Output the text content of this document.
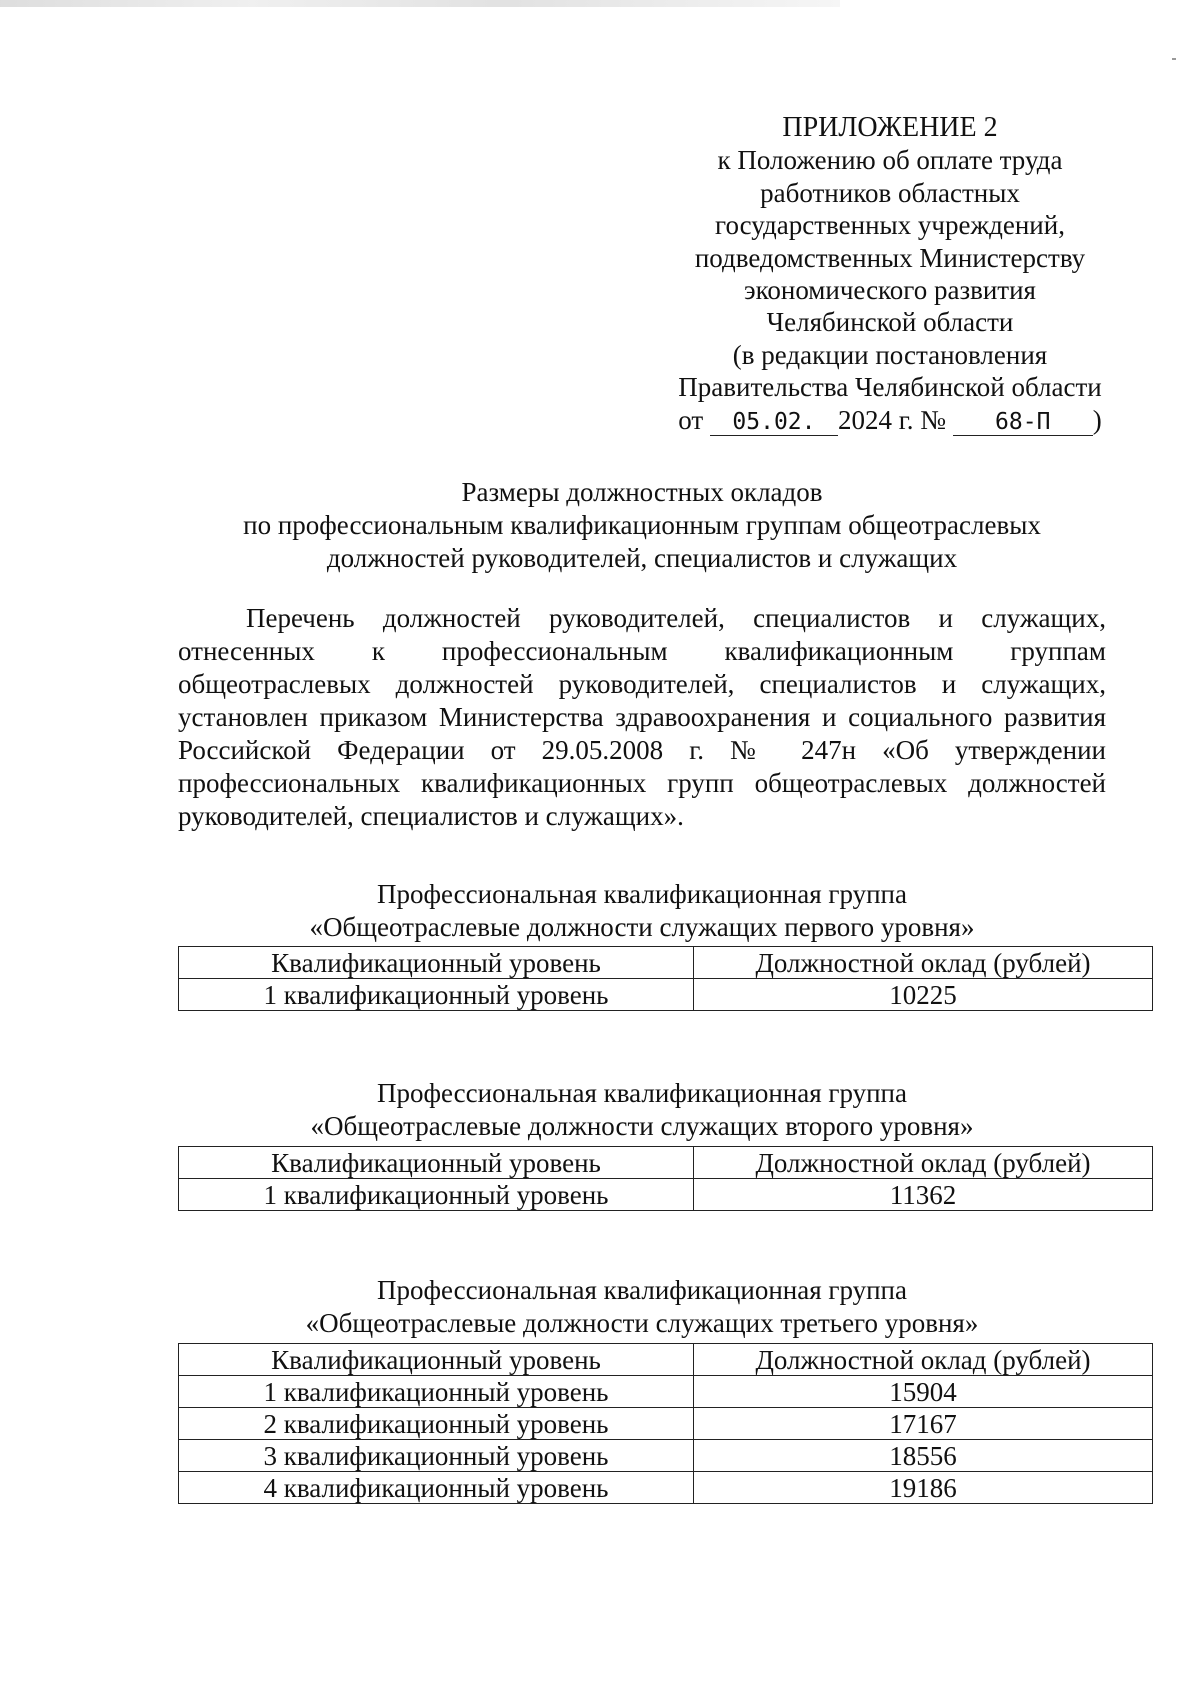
ПРИЛОЖЕНИЕ 2
к Положению об оплате труда
работников областных
государственных учреждений,
подведомственных Министерству
экономического развития
Челябинской области
(в редакции постановления
Правительства Челябинской области
от 05.02. 2024 г. № 68-П )
Размеры должностных окладов
по профессиональным квалификационным группам общеотраслевых
должностей руководителей, специалистов и служащих
Перечень должностей руководителей, специалистов и служащих,
отнесенных к профессиональным квалификационным группам
общеотраслевых должностей руководителей, специалистов и служащих,
установлен приказом Министерства здравоохранения и социального развития
Российской Федерации от 29.05.2008 г. № 247н «Об утверждении
профессиональных квалификационных групп общеотраслевых должностей
руководителей, специалистов и служащих».
Профессиональная квалификационная группа
«Общеотраслевые должности служащих первого уровня»
Квалификационный уровень	Должностной оклад (рублей)
1 квалификационный уровень	10225
Профессиональная квалификационная группа
«Общеотраслевые должности служащих второго уровня»
Квалификационный уровень	Должностной оклад (рублей)
1 квалификационный уровень	11362
Профессиональная квалификационная группа
«Общеотраслевые должности служащих третьего уровня»
Квалификационный уровень	Должностной оклад (рублей)
1 квалификационный уровень	15904
2 квалификационный уровень	17167
3 квалификационный уровень	18556
4 квалификационный уровень	19186
